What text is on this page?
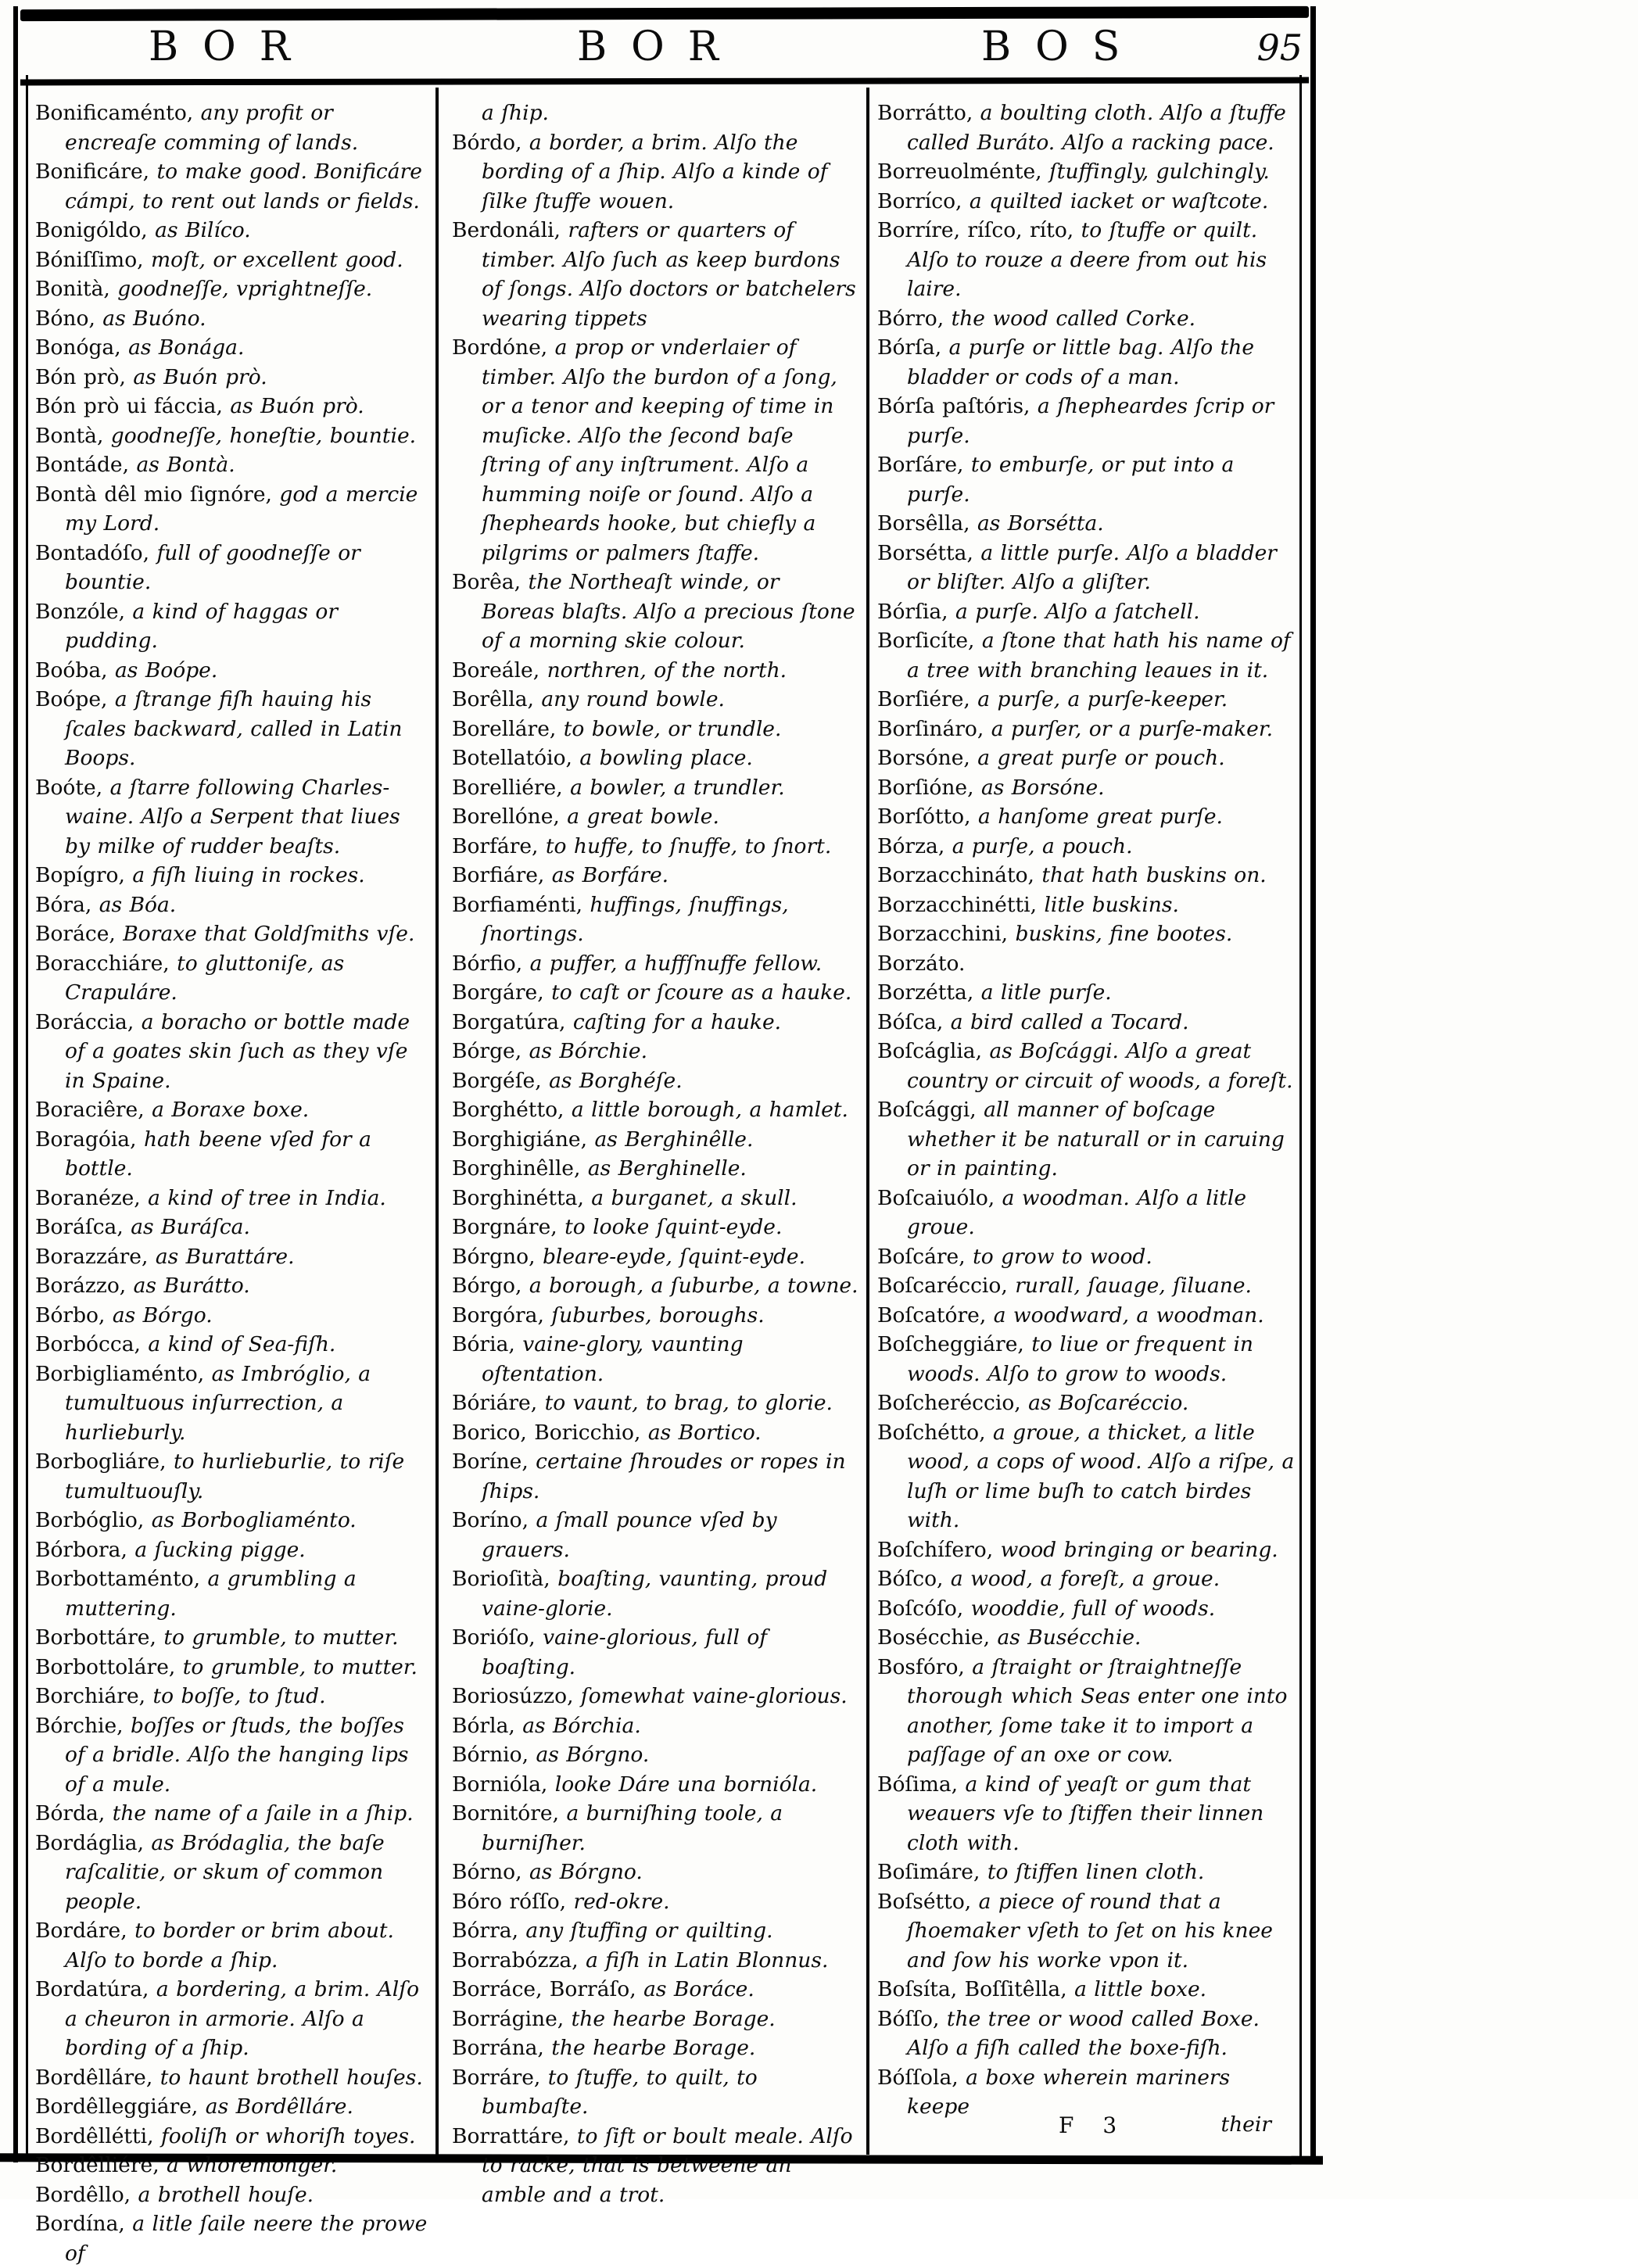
BOR	BOR	BOS	95

Bonificaménto, any profit or encreaſe comming of lands.

Bonificáre, to make good. Bonificáre cámpi, to rent out lands or fields.

Bonigóldo, as Bilíco.

Bóniſſimo, moſt, or excellent good.

Bonità, goodneſſe, vprightneſſe.

Bóno, as Buóno.

Bonóga, as Bonága.

Bón prò, as Buón prò.

Bón prò ui fáccia, as Buón prò.

Bontà, goodneſſe, honeſtie, bountie.

Bontáde, as Bontà.

Bontà dêl mio ſignóre, god a mercie my Lord.

Bontadóſo, full of goodneſſe or bountie.

Bonzóle, a kind of haggas or pudding.

Boóba, as Boópe.

Boópe, a ſtrange fiſh hauing his ſcales backward, called in Latin Boops.

Boóte, a ſtarre following Charles-waine. Alſo a Serpent that liues by milke of rudder beaſts.

Bopígro, a fiſh liuing in rockes.

Bóra, as Bóa.

Boráce, Boraxe that Goldſmiths vſe.

Boracchiáre, to gluttoniſe, as Crapuláre.

Boráccia, a boracho or bottle made of a goates skin ſuch as they vſe in Spaine.

Boraciêre, a Boraxe boxe.

Boragóia, hath beene vſed for a bottle.

Boranéze, a kind of tree in India.

Boráſca, as Buráſca.

Borazzáre, as Burattáre.

Borázzo, as Burátto.

Bórbo, as Bórgo.

Borbócca, a kind of Sea-fiſh.

Borbigliaménto, as Imbróglio, a tumultuous inſurrection, a hurlieburly.

Borbogliáre, to hurlieburlie, to riſe tumultuouſly.

Borbóglio, as Borbogliaménto.

Bórbora, a ſucking pigge.

Borbottaménto, a grumbling a muttering.

Borbottáre, to grumble, to mutter.

Borbottoláre, to grumble, to mutter.

Borchiáre, to boſſe, to ſtud.

Bórchie, boſſes or ſtuds, the boſſes of a bridle. Alſo the hanging lips of a mule.

Bórda, the name of a ſaile in a ſhip.

Bordáglia, as Bródaglia, the baſe raſcalitie, or skum of common people.

Bordáre, to border or brim about. Alſo to borde a ſhip.

Bordatúra, a bordering, a brim. Alſo a cheuron in armorie. Alſo a bording of a ſhip.

Bordêlláre, to haunt brothell houſes.

Bordêlleggiáre, as Bordêlláre.

Bordêllétti, fooliſh or whoriſh toyes.

Bordêlliére, a whoremonger.

Bordêllo, a brothell houſe.

Bordína, a litle ſaile neere the prowe of

a ſhip.

Bórdo, a border, a brim. Alſo the bording of a ſhip. Alſo a kinde of ſilke ſtuffe wouen.

Berdonáli, rafters or quarters of timber. Alſo ſuch as keep burdons of ſongs. Alſo doctors or batchelers wearing tippets

Bordóne, a prop or vnderlaier of timber. Alſo the burdon of a ſong, or a tenor and keeping of time in muſicke. Alſo the ſecond baſe ſtring of any inſtrument. Alſo a humming noiſe or ſound. Alſo a ſhepheards hooke, but chiefly a pilgrims or palmers ſtaffe.

Borêa, the Northeaſt winde, or Boreas blaſts. Alſo a precious ſtone of a morning skie colour.

Boreále, northren, of the north.

Borêlla, any round bowle.

Borelláre, to bowle, or trundle.

Botellatóio, a bowling place.

Borelliére, a bowler, a trundler.

Borellóne, a great bowle.

Borfáre, to huffe, to ſnuffe, to ſnort.

Borfiáre, as Borfáre.

Borfiaménti, huffings, ſnuffings, ſnortings.

Bórfio, a puffer, a huffſnuffe fellow.

Borgáre, to caſt or ſcoure as a hauke.

Borgatúra, caſting for a hauke.

Bórge, as Bórchie.

Borgéſe, as Borghéſe.

Borghétto, a little borough, a hamlet.

Borghigiáne, as Berghinêlle.

Borghinêlle, as Berghinelle.

Borghinétta, a burganet, a skull.

Borgnáre, to looke ſquint-eyde.

Bórgno, bleare-eyde, ſquint-eyde.

Bórgo, a borough, a ſuburbe, a towne.

Borgóra, ſuburbes, boroughs.

Bória, vaine-glory, vaunting oſtentation.

Bóriáre, to vaunt, to brag, to glorie.

Borico, Boricchio, as Bortico.

Boríne, certaine ſhroudes or ropes in ſhips.

Boríno, a ſmall pounce vſed by grauers.

Borioſità, boaſting, vaunting, proud vaine-glorie.

Borióſo, vaine-glorious, full of boaſting.

Boriosúzzo, ſomewhat vaine-glorious.

Bórla, as Bórchia.

Bórnio, as Bórgno.

Bornióla, looke Dáre una bornióla.

Bornitóre, a burniſhing toole, a burniſher.

Bórno, as Bórgno.

Bóro róſſo, red-okre.

Bórra, any ſtuffing or quilting.

Borrabózza, a fiſh in Latin Blonnus.

Borráce, Borráſo, as Boráce.

Borrágine, the hearbe Borage.

Borrána, the hearbe Borage.

Borráre, to ſtuffe, to quilt, to bumbaſte.

Borrattáre, to ſift or boult meale. Alſo to racke, that is betweene an amble and a trot.

Borrátto, a boulting cloth. Alſo a ſtuffe called Buráto. Alſo a racking pace.

Borreuolménte, ſtuffingly, gulchingly.

Borríco, a quilted iacket or waſtcote.

Borríre, ríſco, ríto, to ſtuffe or quilt. Alſo to rouze a deere from out his laire.

Bórro, the wood called Corke.

Bórſa, a purſe or little bag. Alſo the bladder or cods of a man.

Bórſa paſtóris, a ſhepheardes ſcrip or purſe.

Borſáre, to emburſe, or put into a purſe.

Borsêlla, as Borsétta.

Borsétta, a little purſe. Alſo a bladder or bliſter. Alſo a gliſter.

Bórſia, a purſe. Alſo a ſatchell.

Borſicíte, a ſtone that hath his name of a tree with branching leaues in it.

Borſiére, a purſe, a purſe-keeper.

Borſináro, a purſer, or a purſe-maker.

Borsóne, a great purſe or pouch.

Borſióne, as Borsóne.

Borſótto, a hanſome great purſe.

Bórza, a purſe, a pouch.

Borzacchináto, that hath buskins on.

Borzacchinétti, litle buskins.

Borzacchini, buskins, fine bootes.

Borzáto.

Borzétta, a litle purſe.

Bóſca, a bird called a Tocard.

Boſcáglia, as Boſcággi. Alſo a great country or circuit of woods, a foreſt.

Boſcággi, all manner of boſcage whether it be naturall or in caruing or in painting.

Boſcaiuólo, a woodman. Alſo a litle groue.

Boſcáre, to grow to wood.

Boſcaréccio, rurall, ſauage, ſiluane.

Boſcatóre, a woodward, a woodman.

Boſcheggiáre, to liue or frequent in woods. Alſo to grow to woods.

Boſcheréccio, as Boſcaréccio.

Boſchétto, a groue, a thicket, a litle wood, a cops of wood. Alſo a riſpe, a luſh or lime buſh to catch birdes with.

Boſchífero, wood bringing or bearing.

Bóſco, a wood, a foreſt, a groue.

Boſcóſo, wooddie, full of woods.

Bosécchie, as Busécchie.

Bosfóro, a ſtraight or ſtraightneſſe thorough which Seas enter one into another, ſome take it to import a paſſage of an oxe or cow.

Bóſima, a kind of yeaſt or gum that weauers vſe to ſtiffen their linnen cloth with.

Boſimáre, to ſtiffen linen cloth.

Boſsétto, a piece of round that a ſhoemaker vſeth to ſet on his knee and ſow his worke vpon it.

Boſsíta, Boſſitêlla, a little boxe.

Bóſſo, the tree or wood called Boxe. Alſo a fiſh called the boxe-fiſh.

Bóſſola, a boxe wherein mariners keepe

F 3	their
